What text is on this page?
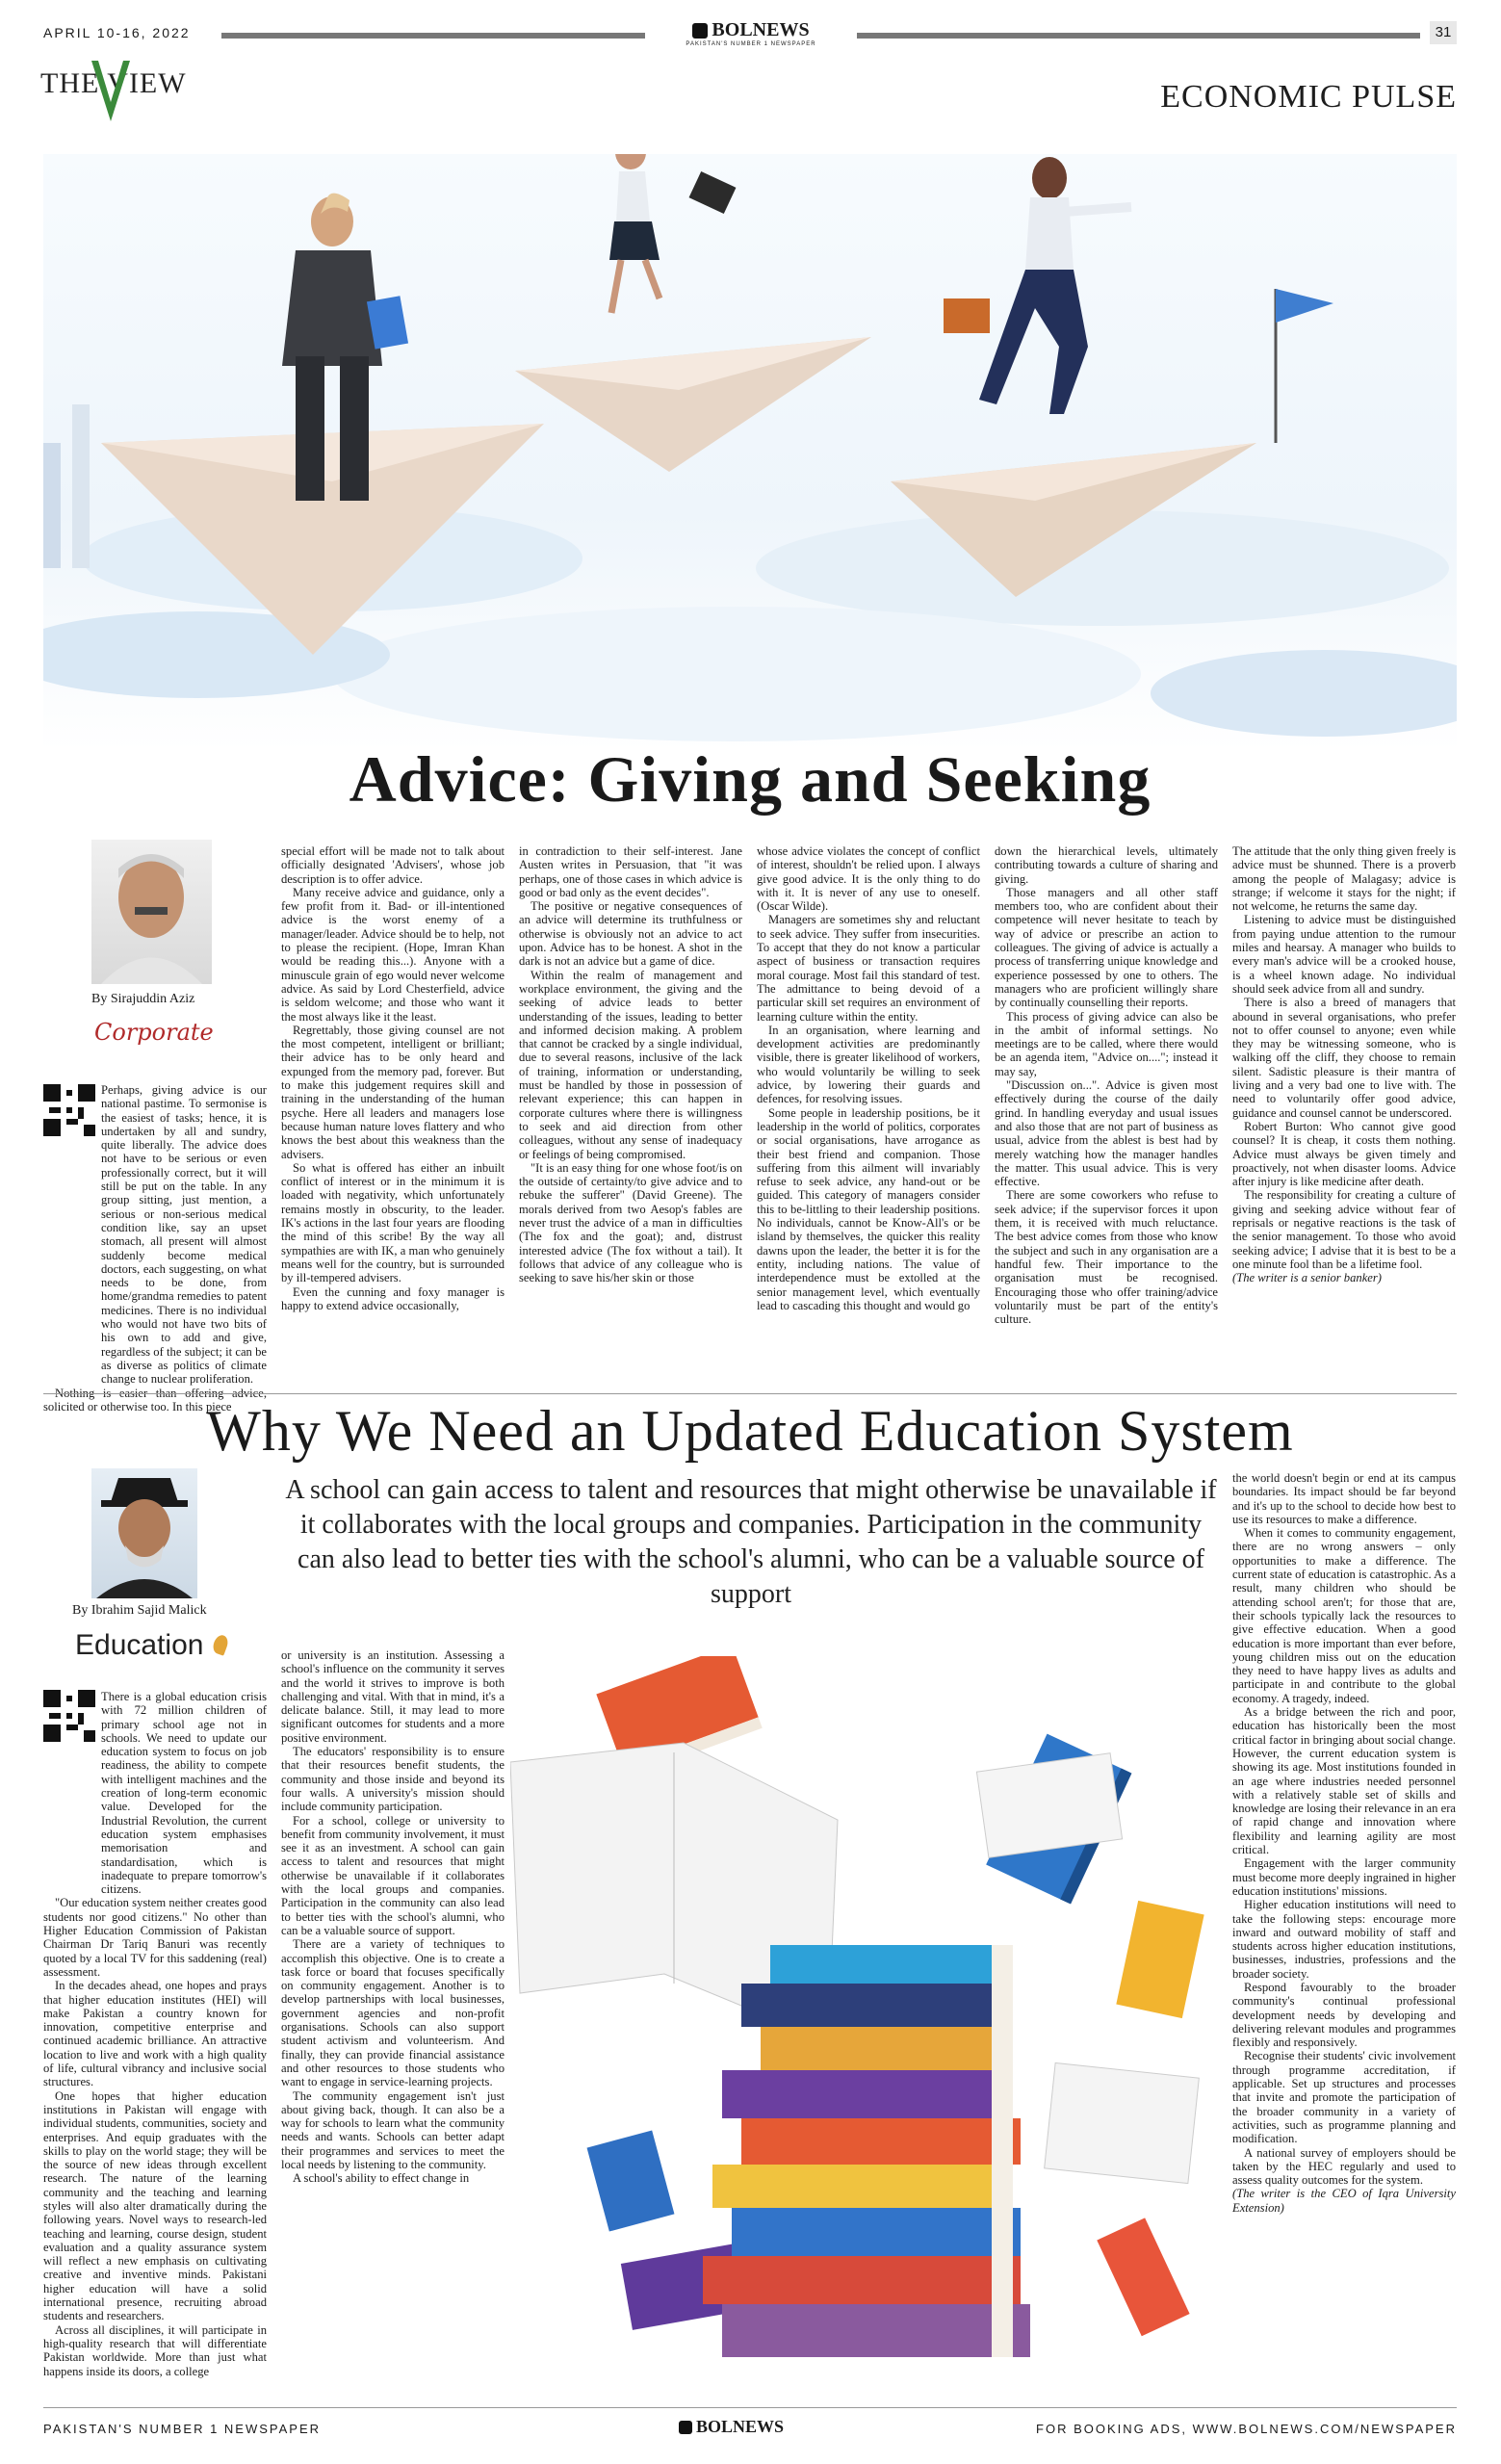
APRIL 10-16, 2022	BOLNEWS
PAKISTAN'S NUMBER 1 NEWSPAPER
31
THE VIEW	ECONOMIC PULSE
Advice: Giving and Seeking
By Sirajuddin Aziz
Corporate

Perhaps, giving advice is our national pastime. To sermonise is the easiest of tasks; hence, it is undertaken by all and sundry, quite liberally. The advice does not have to be serious or even professionally correct, but it will still be put on the table. In any group sitting, just mention, a serious or non-serious medical condition like, say an upset stomach, all present will almost suddenly become medical doctors, each suggesting, on what needs to be done, from home/grandma remedies to patent medicines. There is no individual who would not have two bits of his own to add and give, regardless of the subject; it can be as diverse as politics of climate change to nuclear proliferation.

Nothing is easier than offering advice, solicited or otherwise too. In this piece

special effort will be made not to talk about officially designated 'Advisers', whose job description is to offer advice.

Many receive advice and guidance, only a few profit from it. Bad- or ill-intentioned advice is the worst enemy of a manager/leader. Advice should be to help, not to please the recipient. (Hope, Imran Khan would be reading this...). Anyone with a minuscule grain of ego would never welcome advice. As said by Lord Chesterfield, advice is seldom welcome; and those who want it the most always like it the least.

Regrettably, those giving counsel are not the most competent, intelligent or brilliant; their advice has to be only heard and expunged from the memory pad, forever. But to make this judgement requires skill and training in the understanding of the human psyche. Here all leaders and managers lose because human nature loves flattery and who knows the best about this weakness than the advisers.

So what is offered has either an inbuilt conflict of interest or in the minimum it is loaded with negativity, which unfortunately remains mostly in obscurity, to the leader. IK's actions in the last four years are flooding the mind of this scribe! By the way all sympathies are with IK, a man who genuinely means well for the country, but is surrounded by ill-tempered advisers.

Even the cunning and foxy manager is happy to extend advice occasionally,

in contradiction to their self-interest. Jane Austen writes in Persuasion, that "it was perhaps, one of those cases in which advice is good or bad only as the event decides".

The positive or negative consequences of an advice will determine its truthfulness or otherwise is obviously not an advice to act upon. Advice has to be honest. A shot in the dark is not an advice but a game of dice.

Within the realm of management and workplace environment, the giving and the seeking of advice leads to better understanding of the issues, leading to better and informed decision making. A problem that cannot be cracked by a single individual, due to several reasons, inclusive of the lack of training, information or understanding, must be handled by those in possession of relevant experience; this can happen in corporate cultures where there is willingness to seek and aid direction from other colleagues, without any sense of inadequacy or feelings of being compromised.

"It is an easy thing for one whose foot/is on the outside of certainty/to give advice and to rebuke the sufferer" (David Greene). The morals derived from two Aesop's fables are never trust the advice of a man in difficulties (The fox and the goat); and, distrust interested advice (The fox without a tail). It follows that advice of any colleague who is seeking to save his/her skin or those

whose advice violates the concept of conflict of interest, shouldn't be relied upon. I always give good advice. It is the only thing to do with it. It is never of any use to oneself. (Oscar Wilde).

Managers are sometimes shy and reluctant to seek advice. They suffer from insecurities. To accept that they do not know a particular aspect of business or transaction requires moral courage. Most fail this standard of test. The admittance to being devoid of a particular skill set requires an environment of learning culture within the entity.

In an organisation, where learning and development activities are predominantly visible, there is greater likelihood of workers, who would voluntarily be willing to seek advice, by lowering their guards and defences, for resolving issues.

Some people in leadership positions, be it leadership in the world of politics, corporates or social organisations, have arrogance as their best friend and companion. Those suffering from this ailment will invariably refuse to seek advice, any hand-out or be guided. This category of managers consider this to be-littling to their leadership positions. No individuals, cannot be Know-All's or be island by themselves, the quicker this reality dawns upon the leader, the better it is for the entity, including nations. The value of interdependence must be extolled at the senior management level, which eventually lead to cascading this thought and would go

down the hierarchical levels, ultimately contributing towards a culture of sharing and giving.

Those managers and all other staff members too, who are confident about their competence will never hesitate to teach by way of advice or prescribe an action to colleagues. The giving of advice is actually a process of transferring unique knowledge and experience possessed by one to others. The managers who are proficient willingly share by continually counselling their reports.

This process of giving advice can also be in the ambit of informal settings. No meetings are to be called, where there would be an agenda item, "Advice on...."; instead it may say,

"Discussion on...". Advice is given most effectively during the course of the daily grind. In handling everyday and usual issues and also those that are not part of business as usual, advice from the ablest is best had by merely watching how the manager handles the matter. This usual advice. This is very effective.

There are some coworkers who refuse to seek advice; if the supervisor forces it upon them, it is received with much reluctance. The best advice comes from those who know the subject and such in any organisation are a handful few. Their importance to the organisation must be recognised. Encouraging those who offer training/advice voluntarily must be part of the entity's culture.

The attitude that the only thing given freely is advice must be shunned. There is a proverb among the people of Malagasy; advice is strange; if welcome it stays for the night; if not welcome, he returns the same day.

Listening to advice must be distinguished from paying undue attention to the rumour miles and hearsay. A manager who builds to every man's advice will be a crooked house, is a wheel known adage. No individual should seek advice from all and sundry.

There is also a breed of managers that abound in several organisations, who prefer not to offer counsel to anyone; even while they may be witnessing someone, who is walking off the cliff, they choose to remain silent. Sadistic pleasure is their mantra of living and a very bad one to live with. The need to voluntarily offer good advice, guidance and counsel cannot be underscored.

Robert Burton: Who cannot give good counsel? It is cheap, it costs them nothing. Advice must always be given timely and proactively, not when disaster looms. Advice after injury is like medicine after death.

The responsibility for creating a culture of giving and seeking advice without fear of reprisals or negative reactions is the task of the senior management. To those who avoid seeking advice; I advise that it is best to be a one minute fool than be a lifetime fool.

(The writer is a senior banker)

Why We Need an Updated Education System
By Ibrahim Sajid Malick
Education
A school can gain access to talent and resources that might otherwise be unavailable if it collaborates with the local groups and companies. Participation in the community can also lead to better ties with the school's alumni, who can be a valuable source of support

There is a global education crisis with 72 million children of primary school age not in schools. We need to update our education system to focus on job readiness, the ability to compete with intelligent machines and the creation of long-term economic value. Developed for the Industrial Revolution, the current education system emphasises memorisation and standardisation, which is inadequate to prepare tomorrow's citizens.

"Our education system neither creates good students nor good citizens." No other than Higher Education Commission of Pakistan Chairman Dr Tariq Banuri was recently quoted by a local TV for this saddening (real) assessment.

In the decades ahead, one hopes and prays that higher education institutes (HEI) will make Pakistan a country known for innovation, competitive enterprise and continued academic brilliance. An attractive location to live and work with a high quality of life, cultural vibrancy and inclusive social structures.

One hopes that higher education institutions in Pakistan will engage with individual students, communities, society and enterprises. And equip graduates with the skills to play on the world stage; they will be the source of new ideas through excellent research. The nature of the learning community and the teaching and learning styles will also alter dramatically during the following years. Novel ways to research-led teaching and learning, course design, student evaluation and a quality assurance system will reflect a new emphasis on cultivating creative and inventive minds. Pakistani higher education will have a solid international presence, recruiting abroad students and researchers.

Across all disciplines, it will participate in high-quality research that will differentiate Pakistan worldwide. More than just what happens inside its doors, a college

or university is an institution. Assessing a school's influence on the community it serves and the world it strives to improve is both challenging and vital. With that in mind, it's a delicate balance. Still, it may lead to more significant outcomes for students and a more positive environment.

The educators' responsibility is to ensure that their resources benefit students, the community and those inside and beyond its four walls. A university's mission should include community participation.

For a school, college or university to benefit from community involvement, it must see it as an investment. A school can gain access to talent and resources that might otherwise be unavailable if it collaborates with the local groups and companies. Participation in the community can also lead to better ties with the school's alumni, who can be a valuable source of support.

There are a variety of techniques to accomplish this objective. One is to create a task force or board that focuses specifically on community engagement. Another is to develop partnerships with local businesses, government agencies and non-profit organisations. Schools can also support student activism and volunteerism. And finally, they can provide financial assistance and other resources to those students who want to engage in service-learning projects.

The community engagement isn't just about giving back, though. It can also be a way for schools to learn what the community needs and wants. Schools can better adapt their programmes and services to meet the local needs by listening to the community.

A school's ability to effect change in

the world doesn't begin or end at its campus boundaries. Its impact should be far beyond and it's up to the school to decide how best to use its resources to make a difference.

When it comes to community engagement, there are no wrong answers – only opportunities to make a difference. The current state of education is catastrophic. As a result, many children who should be attending school aren't; for those that are, their schools typically lack the resources to give effective education. When a good education is more important than ever before, young children miss out on the education they need to have happy lives as adults and participate in and contribute to the global economy. A tragedy, indeed.

As a bridge between the rich and poor, education has historically been the most critical factor in bringing about social change. However, the current education system is showing its age. Most institutions founded in an age where industries needed personnel with a relatively stable set of skills and knowledge are losing their relevance in an era of rapid change and innovation where flexibility and learning agility are most critical.

Engagement with the larger community must become more deeply ingrained in higher education institutions' missions.

Higher education institutions will need to take the following steps: encourage more inward and outward mobility of staff and students across higher education institutions, businesses, industries, professions and the broader society.

Respond favourably to the broader community's continual professional development needs by developing and delivering relevant modules and programmes flexibly and responsively.

Recognise their students' civic involvement through programme accreditation, if applicable. Set up structures and processes that invite and promote the participation of the broader community in a variety of activities, such as programme planning and modification.

A national survey of employers should be taken by the HEC regularly and used to assess quality outcomes for the system.

(The writer is the CEO of Iqra University Extension)

PAKISTAN'S NUMBER 1 NEWSPAPER	BOLNEWS	FOR BOOKING ADS, WWW.BOLNEWS.COM/NEWSPAPER
